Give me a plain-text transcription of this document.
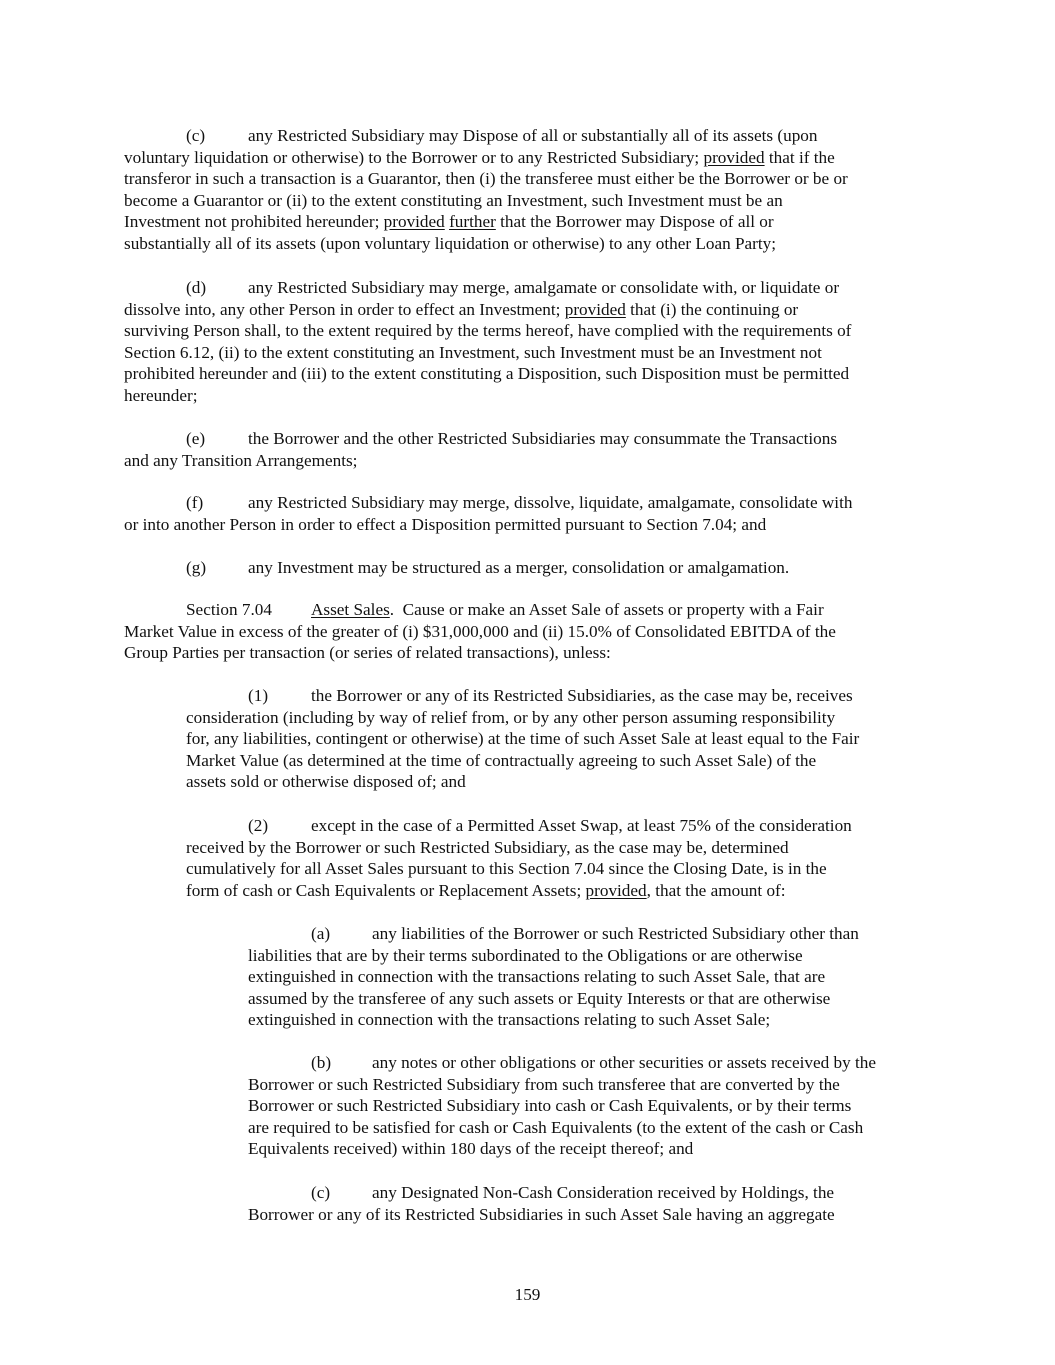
(c) any Restricted Subsidiary may Dispose of all or substantially all of its assets (upon
voluntary liquidation or otherwise) to the Borrower or to any Restricted Subsidiary; provided that if the
transferor in such a transaction is a Guarantor, then (i) the transferee must either be the Borrower or be or
become a Guarantor or (ii) to the extent constituting an Investment, such Investment must be an
Investment not prohibited hereunder; provided further that the Borrower may Dispose of all or
substantially all of its assets (upon voluntary liquidation or otherwise) to any other Loan Party;
(d) any Restricted Subsidiary may merge, amalgamate or consolidate with, or liquidate or
dissolve into, any other Person in order to effect an Investment; provided that (i) the continuing or
surviving Person shall, to the extent required by the terms hereof, have complied with the requirements of
Section 6.12, (ii) to the extent constituting an Investment, such Investment must be an Investment not
prohibited hereunder and (iii) to the extent constituting a Disposition, such Disposition must be permitted
hereunder;
(e) the Borrower and the other Restricted Subsidiaries may consummate the Transactions
and any Transition Arrangements;
(f)	any Restricted Subsidiary may merge, dissolve, liquidate, amalgamate, consolidate with
or into another Person in order to effect a Disposition permitted pursuant to Section 7.04; and
(g) any Investment may be structured as a merger, consolidation or amalgamation.
Section 7.04 Asset Sales.  Cause or make an Asset Sale of assets or property with a Fair
Market Value in excess of the greater of (i) $31,000,000 and (ii) 15.0% of Consolidated EBITDA of the
Group Parties per transaction (or series of related transactions), unless:
(1) the Borrower or any of its Restricted Subsidiaries, as the case may be, receives
consideration (including by way of relief from, or by any other person assuming responsibility
for, any liabilities, contingent or otherwise) at the time of such Asset Sale at least equal to the Fair
Market Value (as determined at the time of contractually agreeing to such Asset Sale) of the
assets sold or otherwise disposed of; and
(2) except in the case of a Permitted Asset Swap, at least 75% of the consideration
received by the Borrower or such Restricted Subsidiary, as the case may be, determined
cumulatively for all Asset Sales pursuant to this Section 7.04 since the Closing Date, is in the
form of cash or Cash Equivalents or Replacement Assets; provided, that the amount of:
(a) any liabilities of the Borrower or such Restricted Subsidiary other than
liabilities that are by their terms subordinated to the Obligations or are otherwise
extinguished in connection with the transactions relating to such Asset Sale, that are
assumed by the transferee of any such assets or Equity Interests or that are otherwise
extinguished in connection with the transactions relating to such Asset Sale;
(b) any notes or other obligations or other securities or assets received by the
Borrower or such Restricted Subsidiary from such transferee that are converted by the
Borrower or such Restricted Subsidiary into cash or Cash Equivalents, or by their terms
are required to be satisfied for cash or Cash Equivalents (to the extent of the cash or Cash
Equivalents received) within 180 days of the receipt thereof; and
(c) any Designated Non-Cash Consideration received by Holdings, the
Borrower or any of its Restricted Subsidiaries in such Asset Sale having an aggregate
159
